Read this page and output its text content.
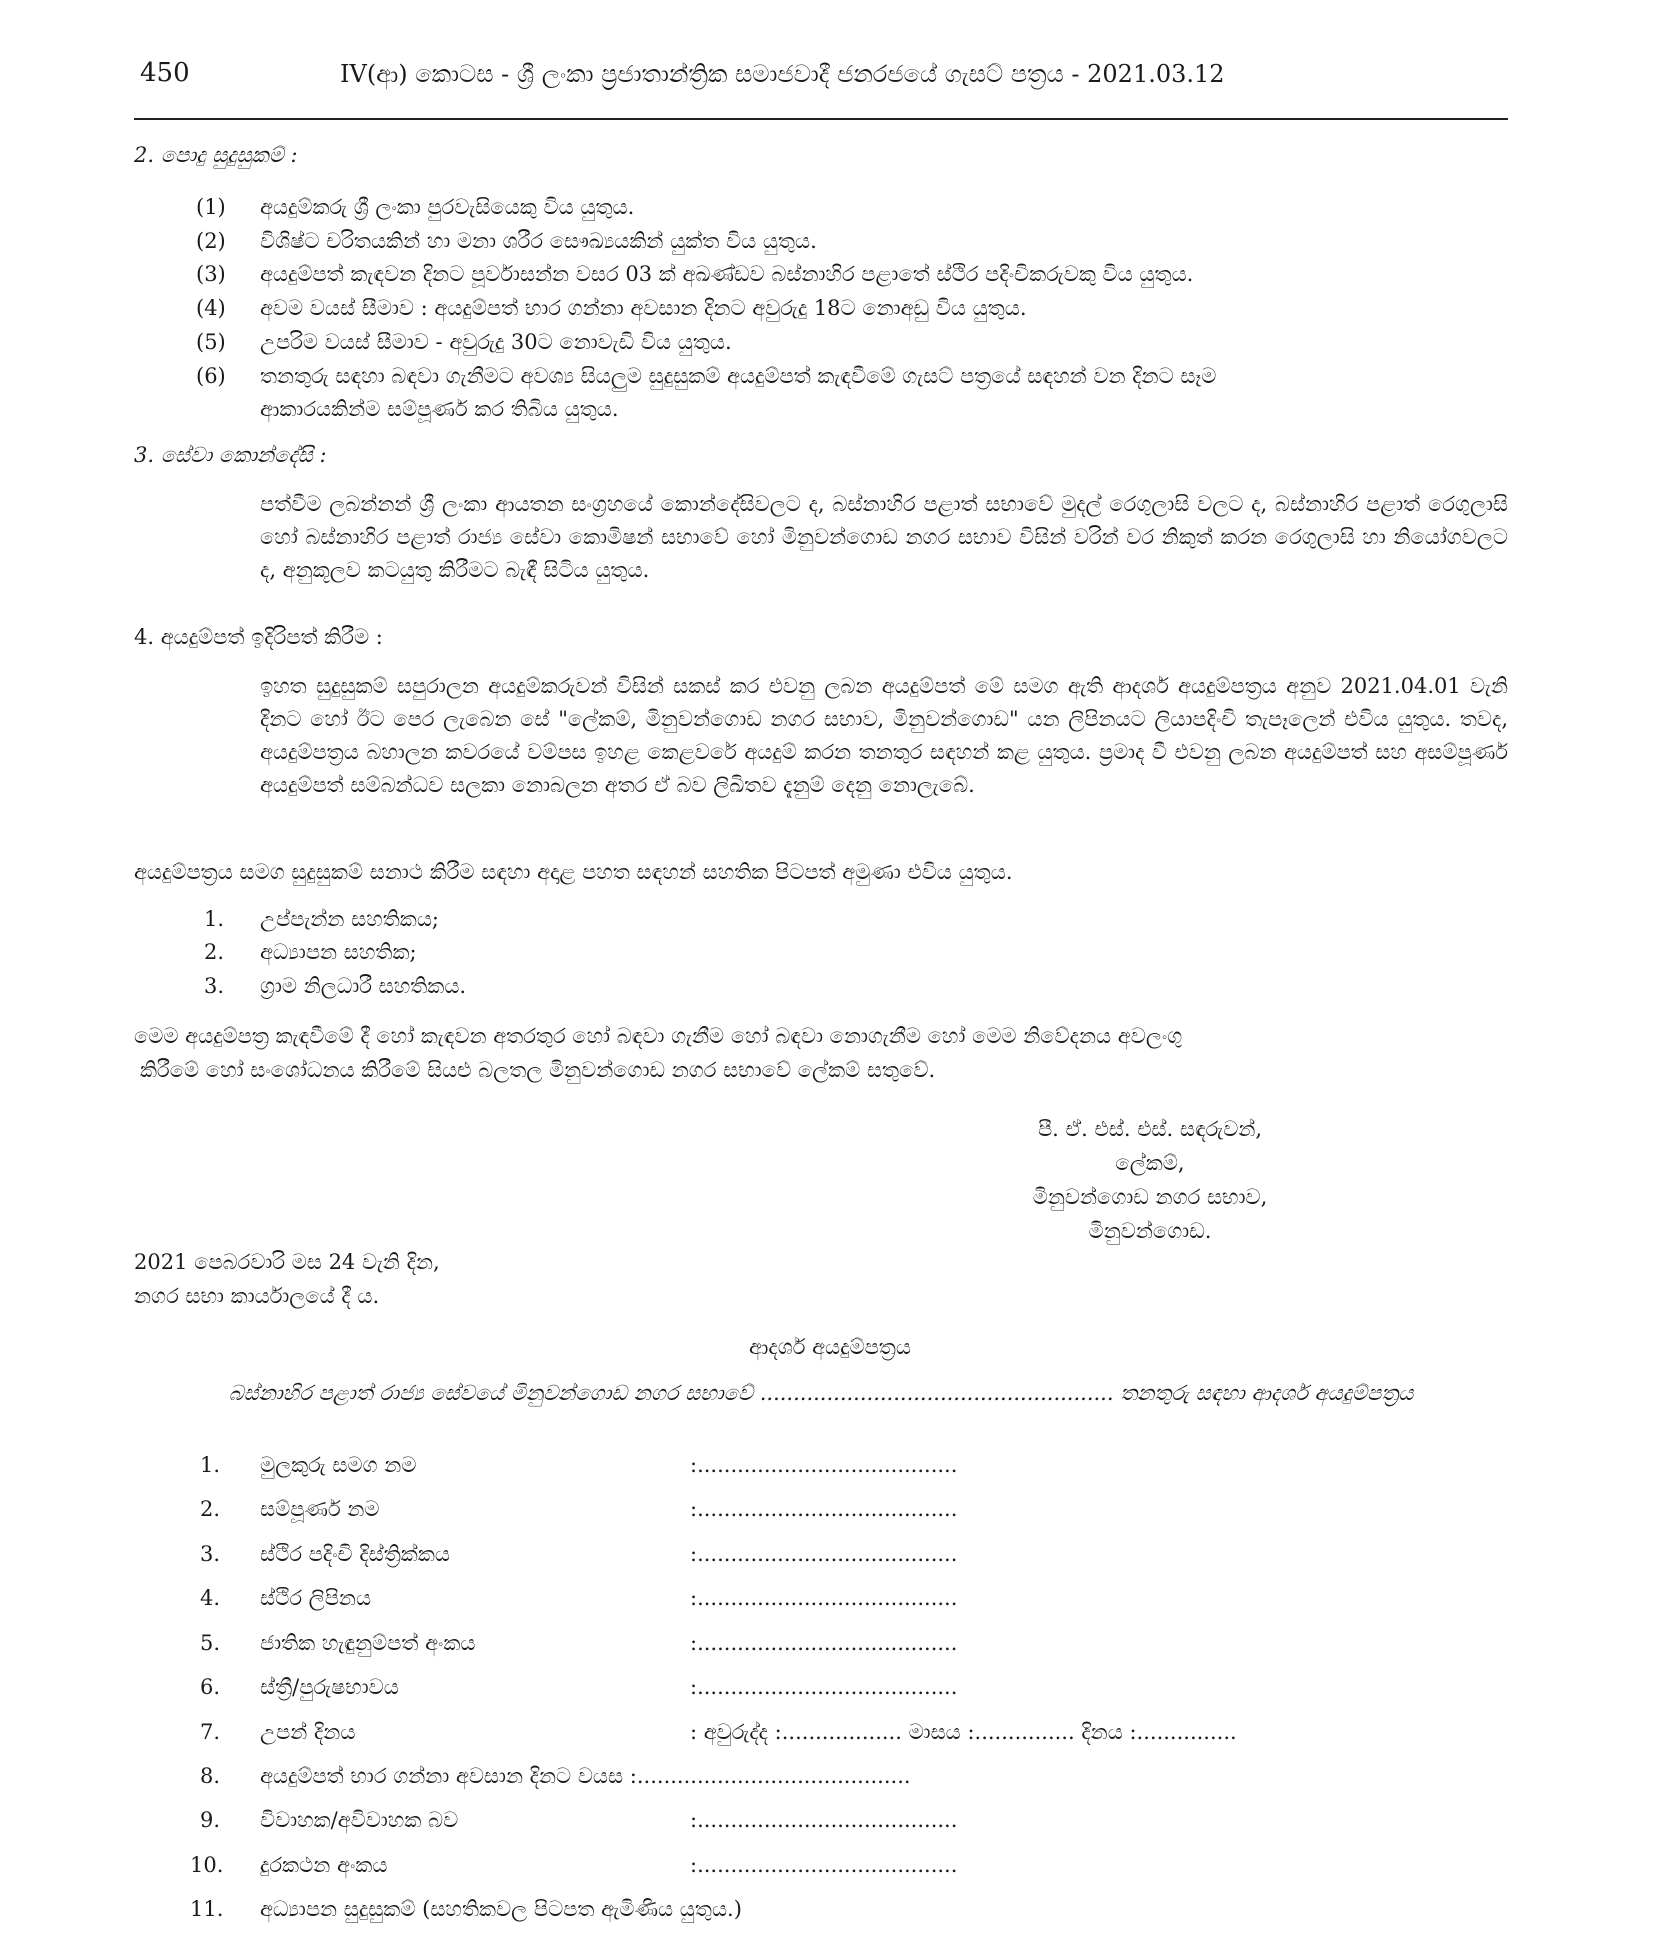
450	IV(ආ) කොටස - ශ්‍රී ලංකා ප්‍රජාතාන්ත්‍රික සමාජවාදී ජනරජයේ ගැසට් පත්‍රය - 2021.03.12
2. පොදු සුදුසුකම් :
(1) අයදුම්කරු ශ්‍රී ලංකා පුරවැසියෙකු විය යුතුය.
(2) විශිෂ්ට චරිතයකින් හා මනා ශරීර සෞඛ්‍යයකින් යුක්ත විය යුතුය.
(3) අයදුම්පත් කැඳවන දිනට පූර්වාසන්න වසර 03 ක් අඛණ්ඩව බස්නාහිර පළාතේ ස්ථිර පදිංචිකරුවකු විය යුතුය.
(4) අවම වයස් සීමාව : අයදුම්පත් භාර ගන්නා අවසාන දිනට අවුරුදු 18ට නොඅඩු විය යුතුය.
(5) උපරිම වයස් සීමාව - අවුරුදු 30ට නොවැඩි විය යුතුය.
(6) තනතුරු සඳහා බඳවා ගැනීමට අවශ්‍ය සියලුම සුදුසුකම් අයදුම්පත් කැඳවීමේ ගැසට් පත්‍රයේ සඳහන් වන දිනට සෑම
ආකාරයකින්ම සම්පූර්ණ කර තිබිය යුතුය.
3. සේවා කොන්දේසි :
පත්වීම ලබන්නන් ශ්‍රී ලංකා ආයතන සංග්‍රහයේ කොන්දේසිවලට ද, බස්නාහිර පළාත් සභාවේ මුදල් රෙගුලාසි වලට ද, බස්නාහිර පළාත් රෙගුලාසි හෝ බස්නාහිර පළාත් රාජ්‍ය සේවා කොමිෂන් සභාවේ හෝ මිනුවන්ගොඩ නගර සභාව විසින් වරින් වර නිකුත් කරන රෙගුලාසි හා නියෝගවලට ද, අනුකූලව කටයුතු කිරීමට බැඳී සිටිය යුතුය.
4. අයදුම්පත් ඉදිරිපත් කිරීම :
ඉහත සුදුසුකම් සපුරාලන අයදුම්කරුවන් විසින් සකස් කර එවනු ලබන අයදුම්පත් මේ සමග ඇති ආදර්ශ අයදුම්පත්‍රය අනුව 2021.04.01 වැනි දිනට හෝ ඊට පෙර ලැබෙන සේ "ලේකම්, මිනුවන්ගොඩ නගර සභාව, මිනුවන්ගොඩ" යන ලිපිනයට ලියාපදිංචි තැපෑලෙන් එවිය යුතුය. තවද, අයදුම්පත්‍රය බහාලන කවරයේ වම්පස ඉහළ කෙළවරේ අයදුම් කරන තනතුර සඳහන් කළ යුතුය. ප්‍රමාද වී එවනු ලබන අයදුම්පත් සහ අසම්පූර්ණ අයදුම්පත් සම්බන්ධව සලකා නොබලන අතර ඒ බව ලිඛිතව දැනුම් දෙනු නොලැබේ.
අයදුම්පත්‍රය සමග සුදුසුකම් සනාථ කිරීම සඳහා අදාළ පහත සඳහන් සහතික පිටපත් අමුණා එවිය යුතුය.
1. උප්පැන්න සහතිකය;
2. අධ්‍යාපන සහතික;
3. ග්‍රාම නිලධාරී සහතිකය.
මෙම අයදුම්පත්‍ර කැඳවීමේ දී හෝ කැඳවන අතරතුර හෝ බඳවා ගැනීම හෝ බඳවා නොගැනීම හෝ මෙම නිවේදනය අවලංගු
කිරීමේ හෝ සංශෝධනය කිරීමේ සියළු බලතල මිනුවන්ගොඩ නගර සභාවේ ලේකම් සතුවේ.
පී. ඒ. එස්. එස්. සඳරුවන්,
ලේකම්,
මිනුවන්ගොඩ නගර සභාව,
මිනුවන්ගොඩ.
2021 පෙබරවාරි මස 24 වැනි දින,
නගර සභා කාර්යාලයේ දී ය.
ආදර්ශ අයදුම්පත්‍රය
බස්නාහිර පළාත් රාජ්‍ය සේවයේ මිනුවන්ගොඩ නගර සභාවේ ..................................................... තනතුරු සඳහා ආදර්ශ අයදුම්පත්‍රය
1. මුලකුරු සමග නම	:.......................................
2. සම්පූර්ණ නම	:.......................................
3. ස්ථිර පදිංචි දිස්ත්‍රික්කය	:.......................................
4. ස්ථිර ලිපිනය	:.......................................
5. ජාතික හැඳුනුම්පත් අංකය	:.......................................
6. ස්ත්‍රී/පුරුෂභාවය	:.......................................
7. උපන් දිනය	: අවුරුද්ද :.................. මාසය :............... දිනය :...............
8. අයදුම්පත් භාර ගන්නා අවසාන දිනට වයස :.........................................
9. විවාහක/අවිවාහක බව	:.......................................
10. දුරකථන අංකය	:.......................................
11. අධ්‍යාපන සුදුසුකම් (සහතිකවල පිටපත ඇමිණිය යුතුය.)
